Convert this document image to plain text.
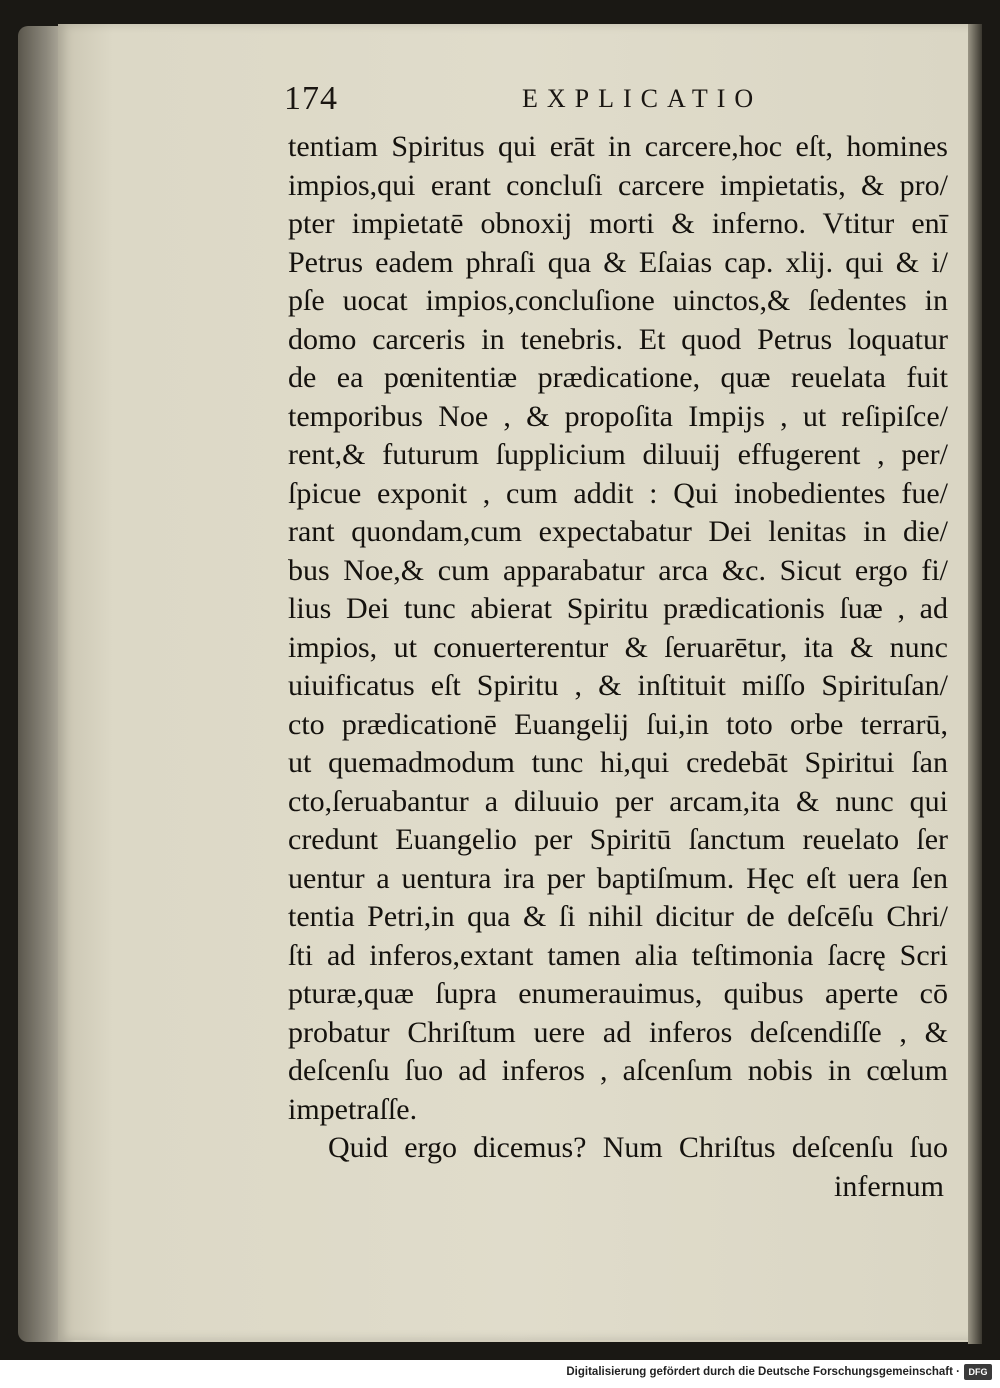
174	EXPLICATIO
tentiam Spiritus qui erāt in carcere,hoc eſt, homines
impios,qui erant concluſi carcere impietatis, & pro/
pter impietatē obnoxij morti & inferno. Vtitur enī
Petrus eadem phraſi qua & Eſaias cap. xlij. qui & i/
pſe uocat impios,concluſione uinctos,& ſedentes in
domo carceris in tenebris. Et quod Petrus loquatur
de ea pœnitentiæ prædicatione, quæ reuelata fuit
temporibus Noe , & propoſita Impijs , ut reſipiſce/
rent,& futurum ſupplicium diluuij effugerent , per/
ſpicue exponit , cum addit : Qui inobedientes fue/
rant quondam,cum expectabatur Dei lenitas in die/
bus Noe,& cum apparabatur arca &c. Sicut ergo fi/
lius Dei tunc abierat Spiritu prædicationis ſuæ , ad
impios, ut conuerterentur & ſeruarētur, ita & nunc
uiuificatus eſt Spiritu , & inſtituit miſſo Spirituſan/
cto prædicationē Euangelij ſui,in toto orbe terrarū,
ut quemadmodum tunc hi,qui credebāt Spiritui ſan
cto,ſeruabantur a diluuio per arcam,ita & nunc qui
credunt Euangelio per Spiritū ſanctum reuelato ſer
uentur a uentura ira per baptiſmum. Hęc eſt uera ſen
tentia Petri,in qua & ſi nihil dicitur de deſcēſu Chri/
ſti ad inferos,extant tamen alia teſtimonia ſacrę Scri
pturæ,quæ ſupra enumerauimus, quibus aperte cō
probatur Chriſtum uere ad inferos deſcendiſſe , &
deſcenſu ſuo ad inferos , aſcenſum nobis in cœlum
impetraſſe.
Quid ergo dicemus? Num Chriſtus deſcenſu ſuo
infernum
Digitalisierung gefördert durch die Deutsche Forschungsgemeinschaft · DFG
